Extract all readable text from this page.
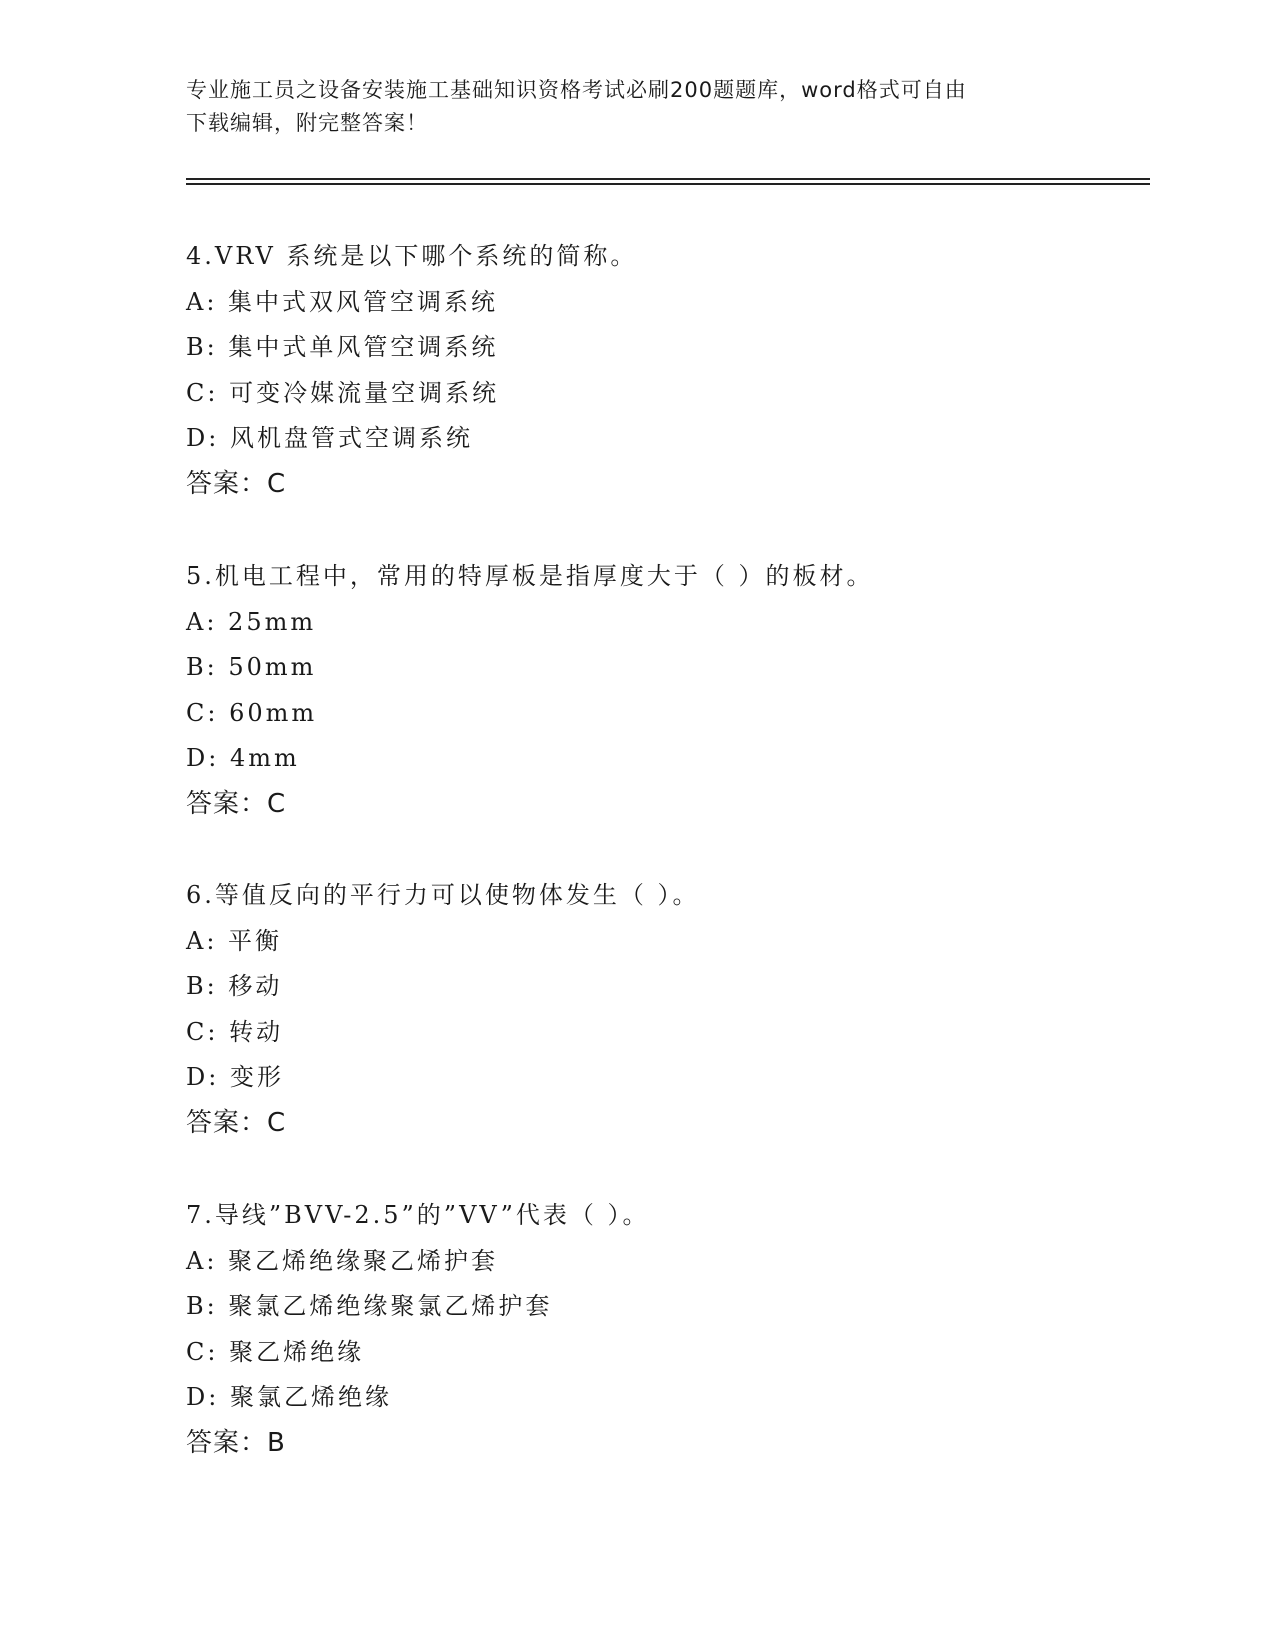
专业施工员之设备安装施工基础知识资格考试必刷200题题库，word格式可自由
下载编辑，附完整答案！
4.VRV 系统是以下哪个系统的简称。
A: 集中式双风管空调系统
B: 集中式单风管空调系统
C: 可变冷媒流量空调系统
D: 风机盘管式空调系统
答案：C
5.机电工程中，常用的特厚板是指厚度大于（ ）的板材。
A: 25mm
B: 50mm
C: 60mm
D: 4mm
答案：C
6.等值反向的平行力可以使物体发生（ ）。
A: 平衡
B: 移动
C: 转动
D: 变形
答案：C
7.导线”BVV-2.5”的”VV”代表（ ）。
A: 聚乙烯绝缘聚乙烯护套
B: 聚氯乙烯绝缘聚氯乙烯护套
C: 聚乙烯绝缘
D: 聚氯乙烯绝缘
答案：B
